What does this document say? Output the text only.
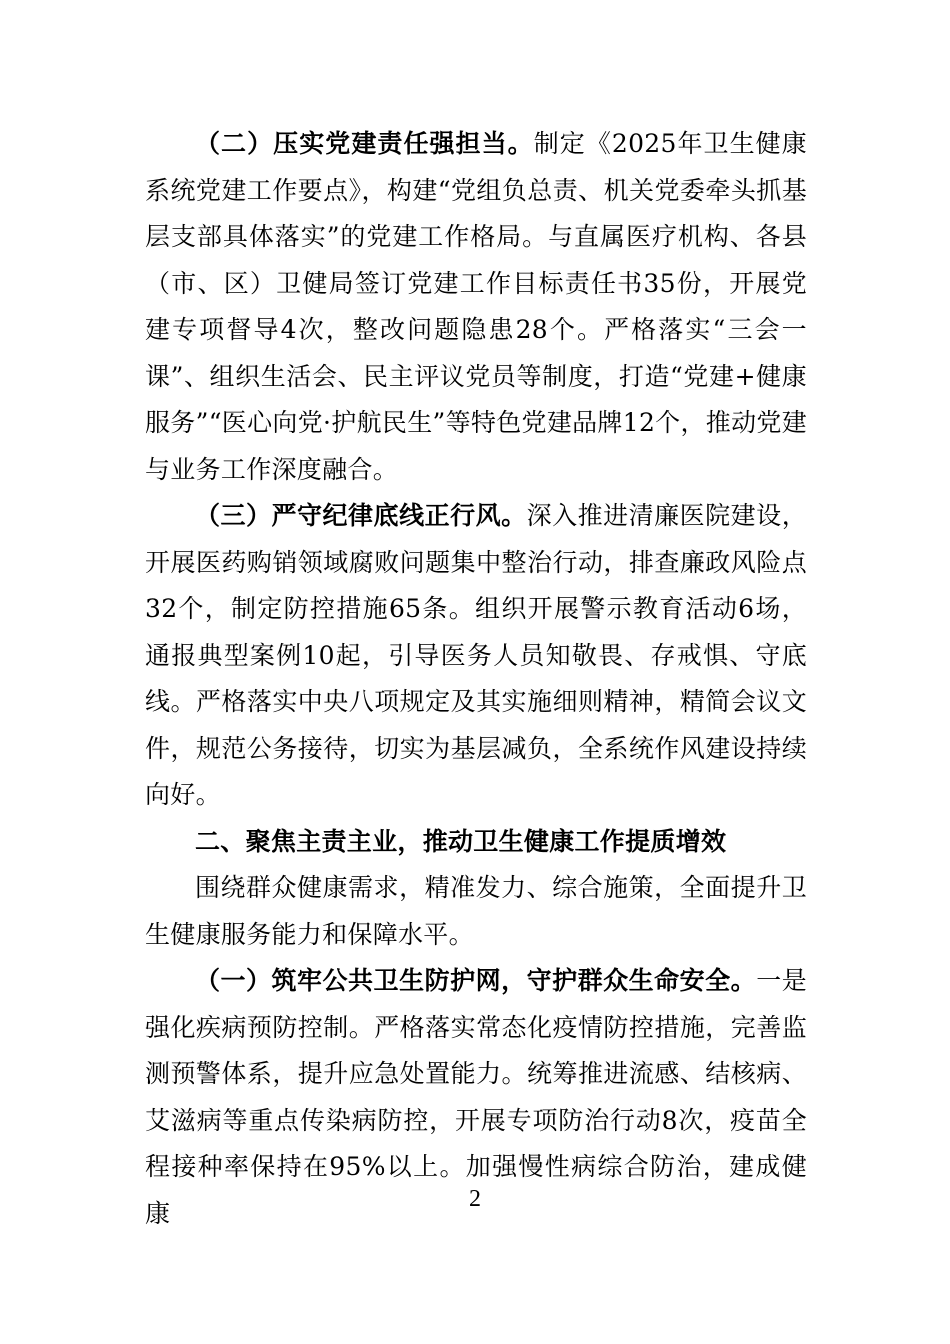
（二）压实党建责任强担当。制定《2025年卫生健康系统党建工作要点》，构建“党组负总责、机关党委牵头抓基层支部具体落实”的党建工作格局。与直属医疗机构、各县（市、区）卫健局签订党建工作目标责任书35份，开展党建专项督导4次，整改问题隐患28个。严格落实“三会一课”、组织生活会、民主评议党员等制度，打造“党建+健康服务”“医心向党·护航民生”等特色党建品牌12个，推动党建与业务工作深度融合。

（三）严守纪律底线正行风。深入推进清廉医院建设，开展医药购销领域腐败问题集中整治行动，排查廉政风险点32个，制定防控措施65条。组织开展警示教育活动6场，通报典型案例10起，引导医务人员知敬畏、存戒惧、守底线。严格落实中央八项规定及其实施细则精神，精简会议文件，规范公务接待，切实为基层减负，全系统作风建设持续向好。

二、聚焦主责主业，推动卫生健康工作提质增效

围绕群众健康需求，精准发力、综合施策，全面提升卫生健康服务能力和保障水平。

（一）筑牢公共卫生防护网，守护群众生命安全。一是强化疾病预防控制。严格落实常态化疫情防控措施，完善监测预警体系，提升应急处置能力。统筹推进流感、结核病、艾滋病等重点传染病防控，开展专项防治行动8次，疫苗全程接种率保持在95%以上。加强慢性病综合防治，建成健康	2
